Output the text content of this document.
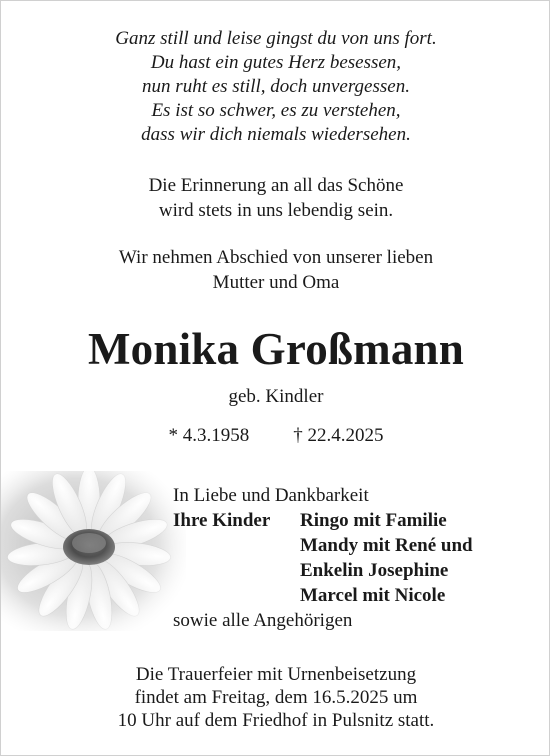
Ganz still und leise gingst du von uns fort.
Du hast ein gutes Herz besessen,
nun ruht es still, doch unvergessen.
Es ist so schwer, es zu verstehen,
dass wir dich niemals wiedersehen.
Die Erinnerung an all das Schöne
wird stets in uns lebendig sein.
Wir nehmen Abschied von unserer lieben
Mutter und Oma
Monika Großmann
geb. Kindler
* 4.3.1958 † 22.4.2025
In Liebe und Dankbarkeit
Ihre Kinder	Ringo mit Familie
Mandy mit René und
Enkelin Josephine
Marcel mit Nicole
sowie alle Angehörigen
Die Trauerfeier mit Urnenbeisetzung
findet am Freitag, dem 16.5.2025 um
10 Uhr auf dem Friedhof in Pulsnitz statt.
